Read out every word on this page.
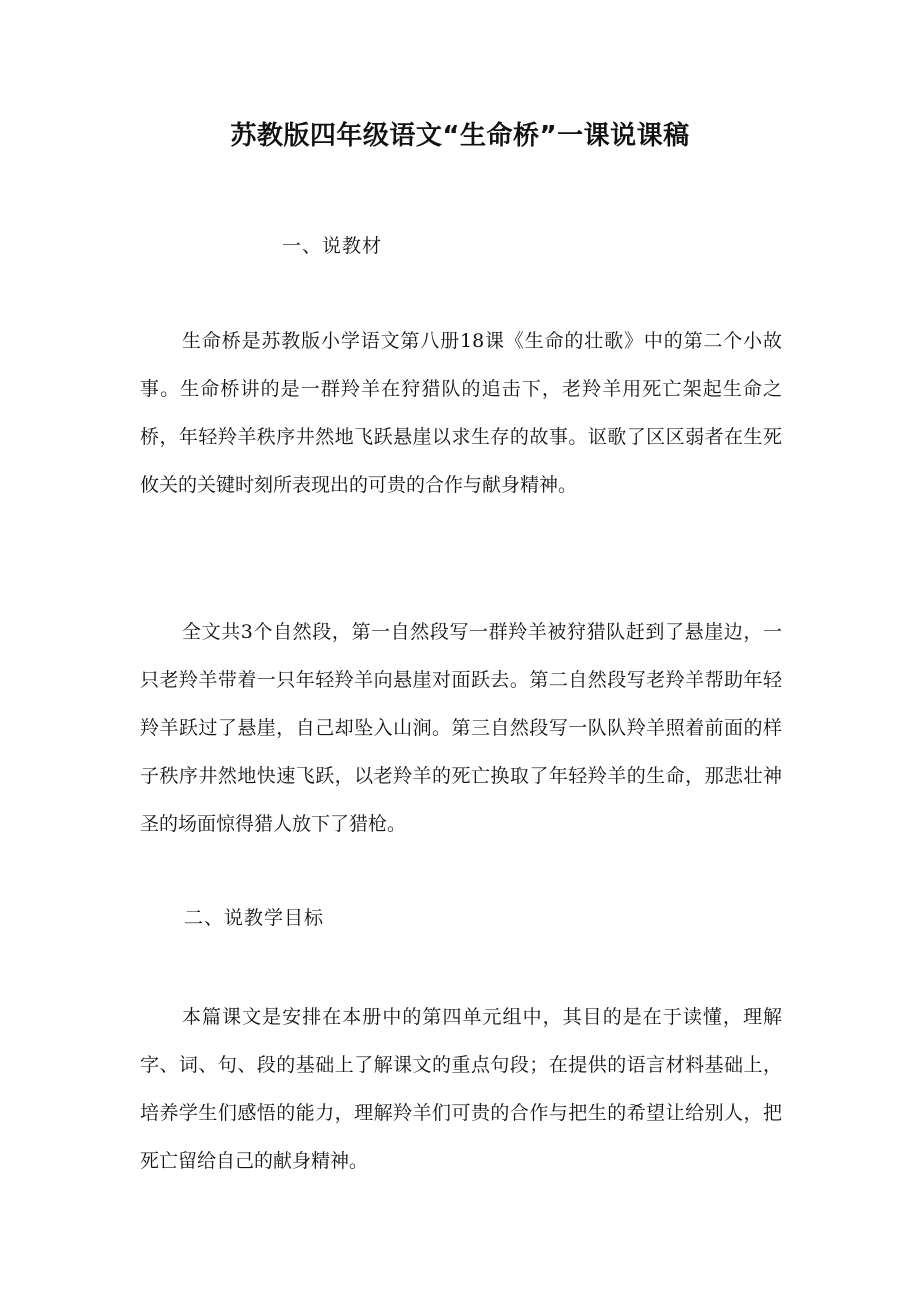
苏教版四年级语文“生命桥”一课说课稿
一、说教材

生命桥是苏教版小学语文第八册18课《生命的壮歌》中的第二个小故事。生命桥讲的是一群羚羊在狩猎队的追击下，老羚羊用死亡架起生命之桥，年轻羚羊秩序井然地飞跃悬崖以求生存的故事。讴歌了区区弱者在生死攸关的关键时刻所表现出的可贵的合作与献身精神。

全文共3个自然段，第一自然段写一群羚羊被狩猎队赶到了悬崖边，一只老羚羊带着一只年轻羚羊向悬崖对面跃去。第二自然段写老羚羊帮助年轻羚羊跃过了悬崖，自己却坠入山涧。第三自然段写一队队羚羊照着前面的样子秩序井然地快速飞跃，以老羚羊的死亡换取了年轻羚羊的生命，那悲壮神圣的场面惊得猎人放下了猎枪。

二、说教学目标

本篇课文是安排在本册中的第四单元组中，其目的是在于读懂，理解字、词、句、段的基础上了解课文的重点句段；在提供的语言材料基础上，培养学生们感悟的能力，理解羚羊们可贵的合作与把生的希望让给别人，把死亡留给自己的献身精神。
